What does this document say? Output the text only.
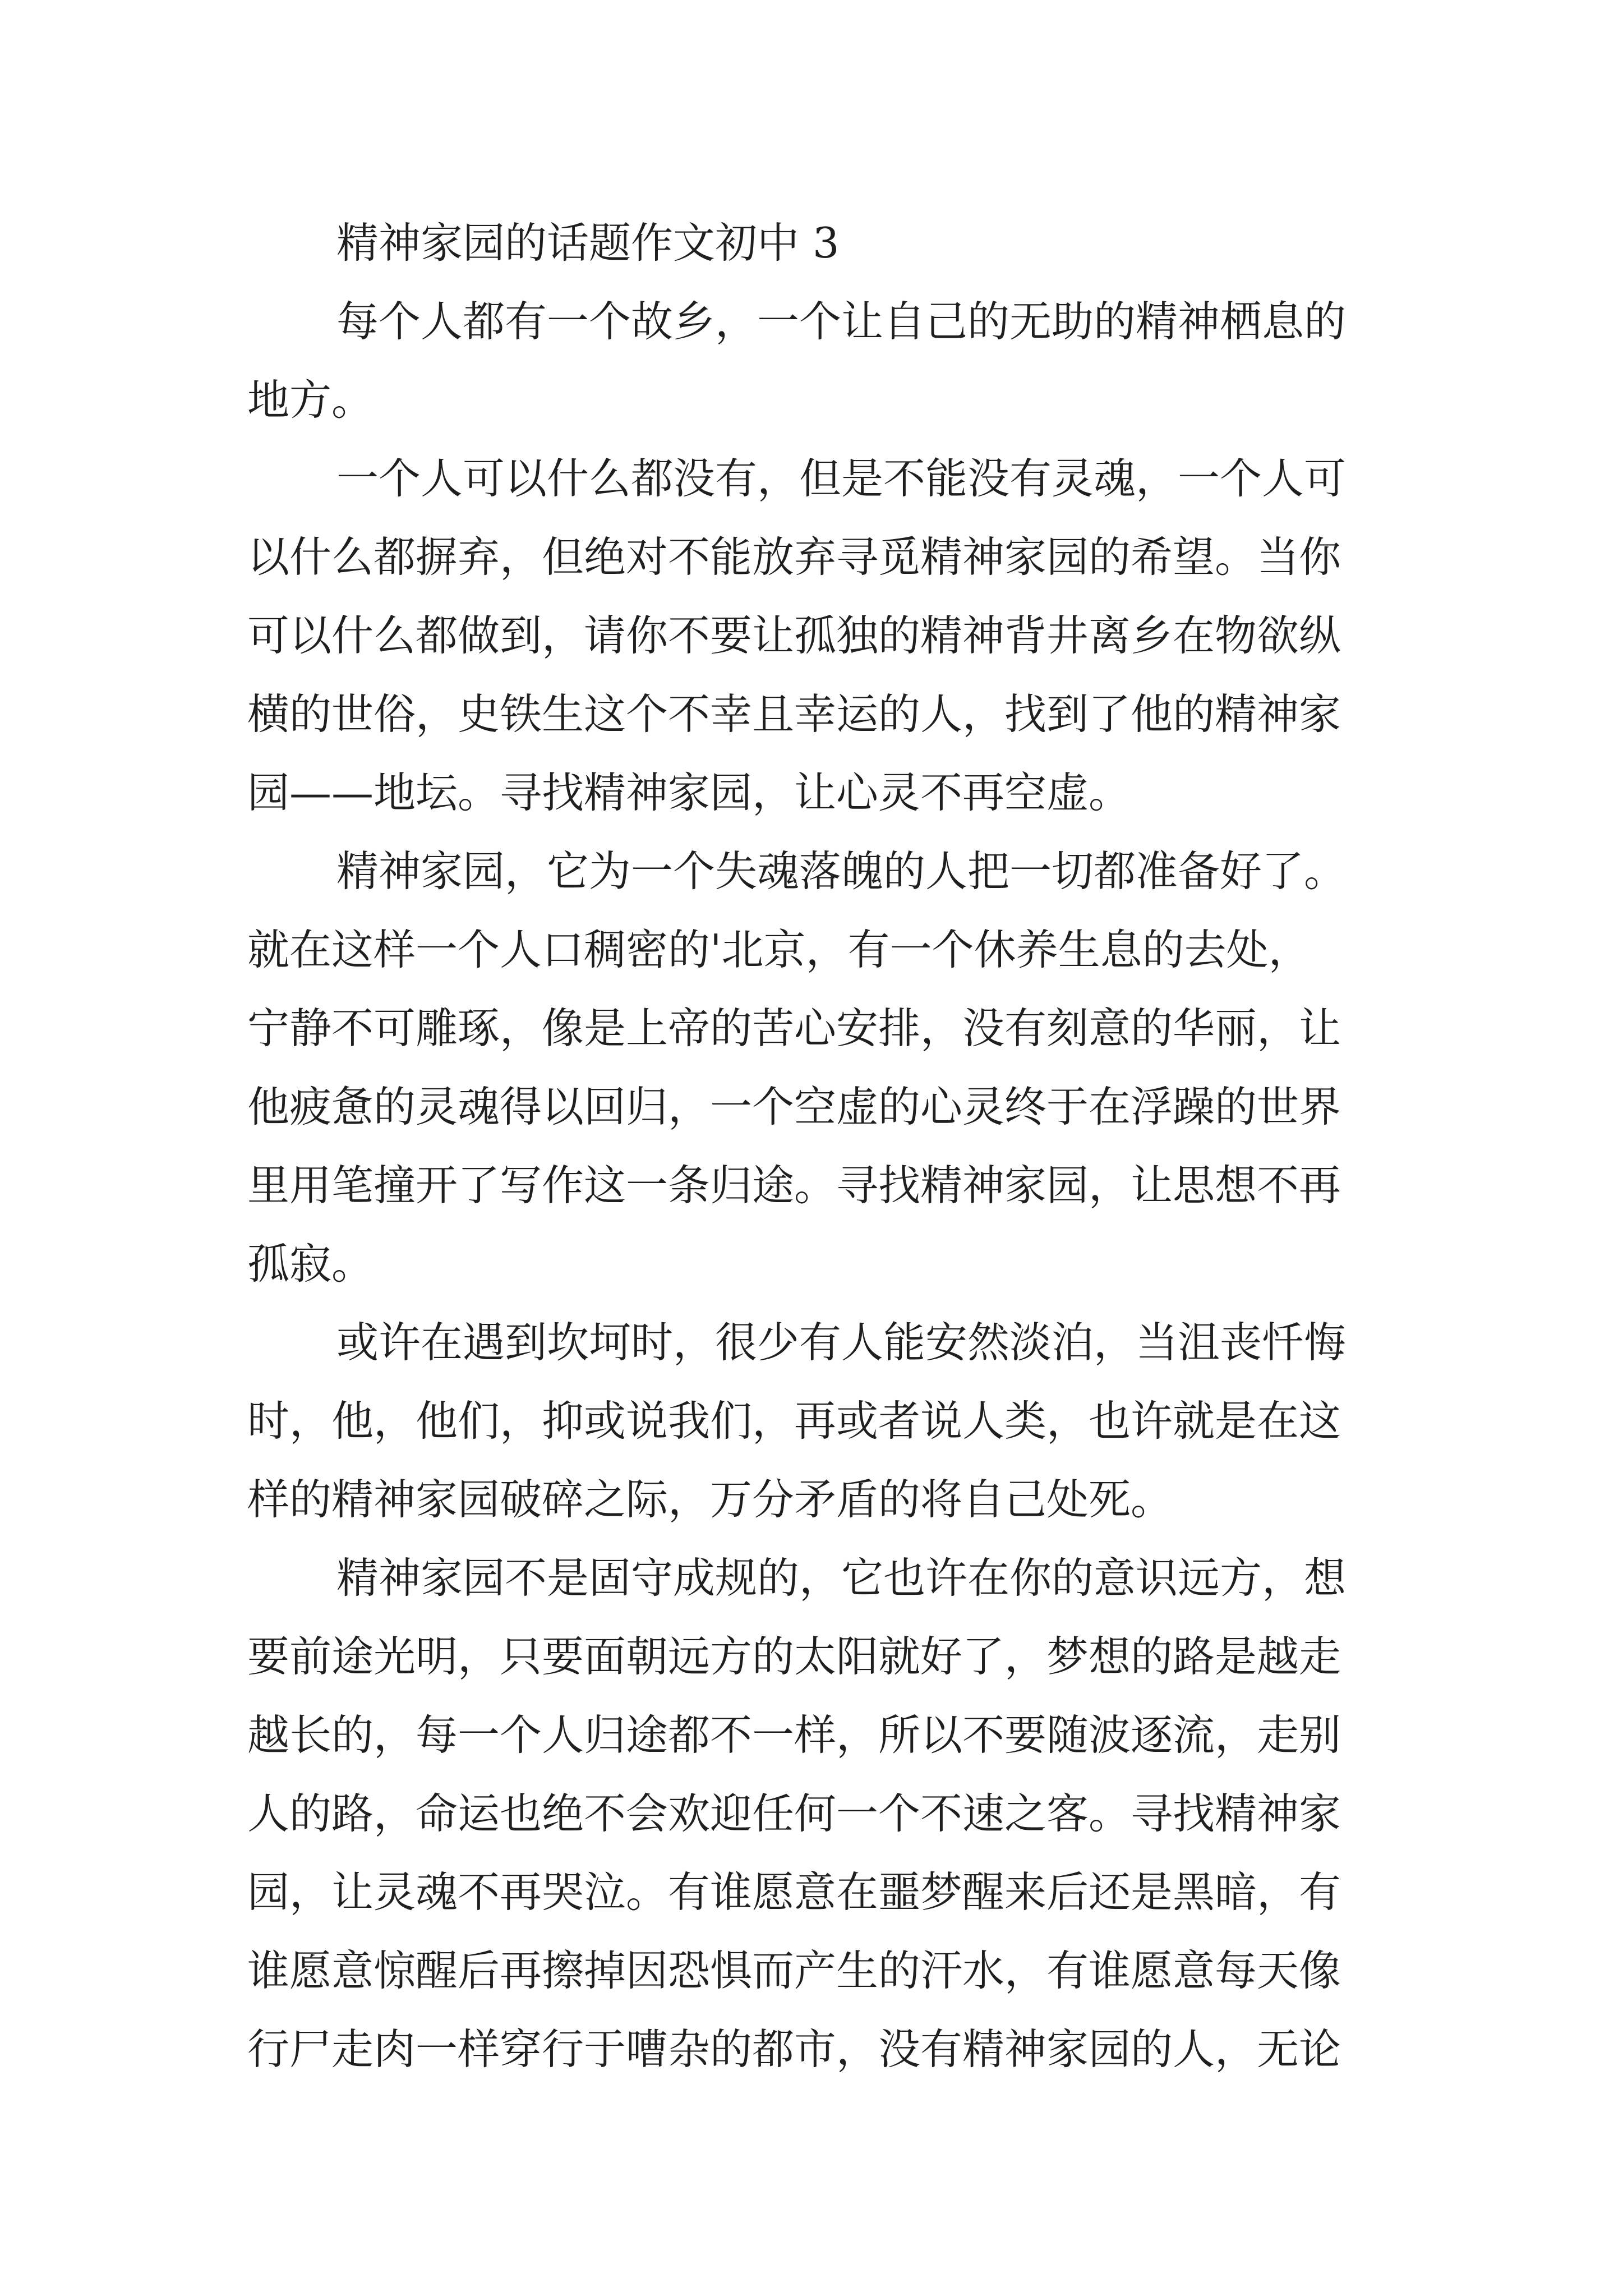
精神家园的话题作文初中 3
每个人都有一个故乡，一个让自己的无助的精神栖息的
地方。
一个人可以什么都没有，但是不能没有灵魂，一个人可
以什么都摒弃，但绝对不能放弃寻觅精神家园的希望。当你
可以什么都做到，请你不要让孤独的精神背井离乡在物欲纵
横的世俗，史铁生这个不幸且幸运的人，找到了他的精神家
园——地坛。寻找精神家园，让心灵不再空虚。
精神家园，它为一个失魂落魄的人把一切都准备好了。
就在这样一个人口稠密的'北京，有一个休养生息的去处，
宁静不可雕琢，像是上帝的苦心安排，没有刻意的华丽，让
他疲惫的灵魂得以回归，一个空虚的心灵终于在浮躁的世界
里用笔撞开了写作这一条归途。寻找精神家园，让思想不再
孤寂。
或许在遇到坎坷时，很少有人能安然淡泊，当沮丧忏悔
时，他，他们，抑或说我们，再或者说人类，也许就是在这
样的精神家园破碎之际，万分矛盾的将自己处死。
精神家园不是固守成规的，它也许在你的意识远方，想
要前途光明，只要面朝远方的太阳就好了，梦想的路是越走
越长的，每一个人归途都不一样，所以不要随波逐流，走别
人的路，命运也绝不会欢迎任何一个不速之客。寻找精神家
园，让灵魂不再哭泣。有谁愿意在噩梦醒来后还是黑暗，有
谁愿意惊醒后再擦掉因恐惧而产生的汗水，有谁愿意每天像
行尸走肉一样穿行于嘈杂的都市，没有精神家园的人，无论
